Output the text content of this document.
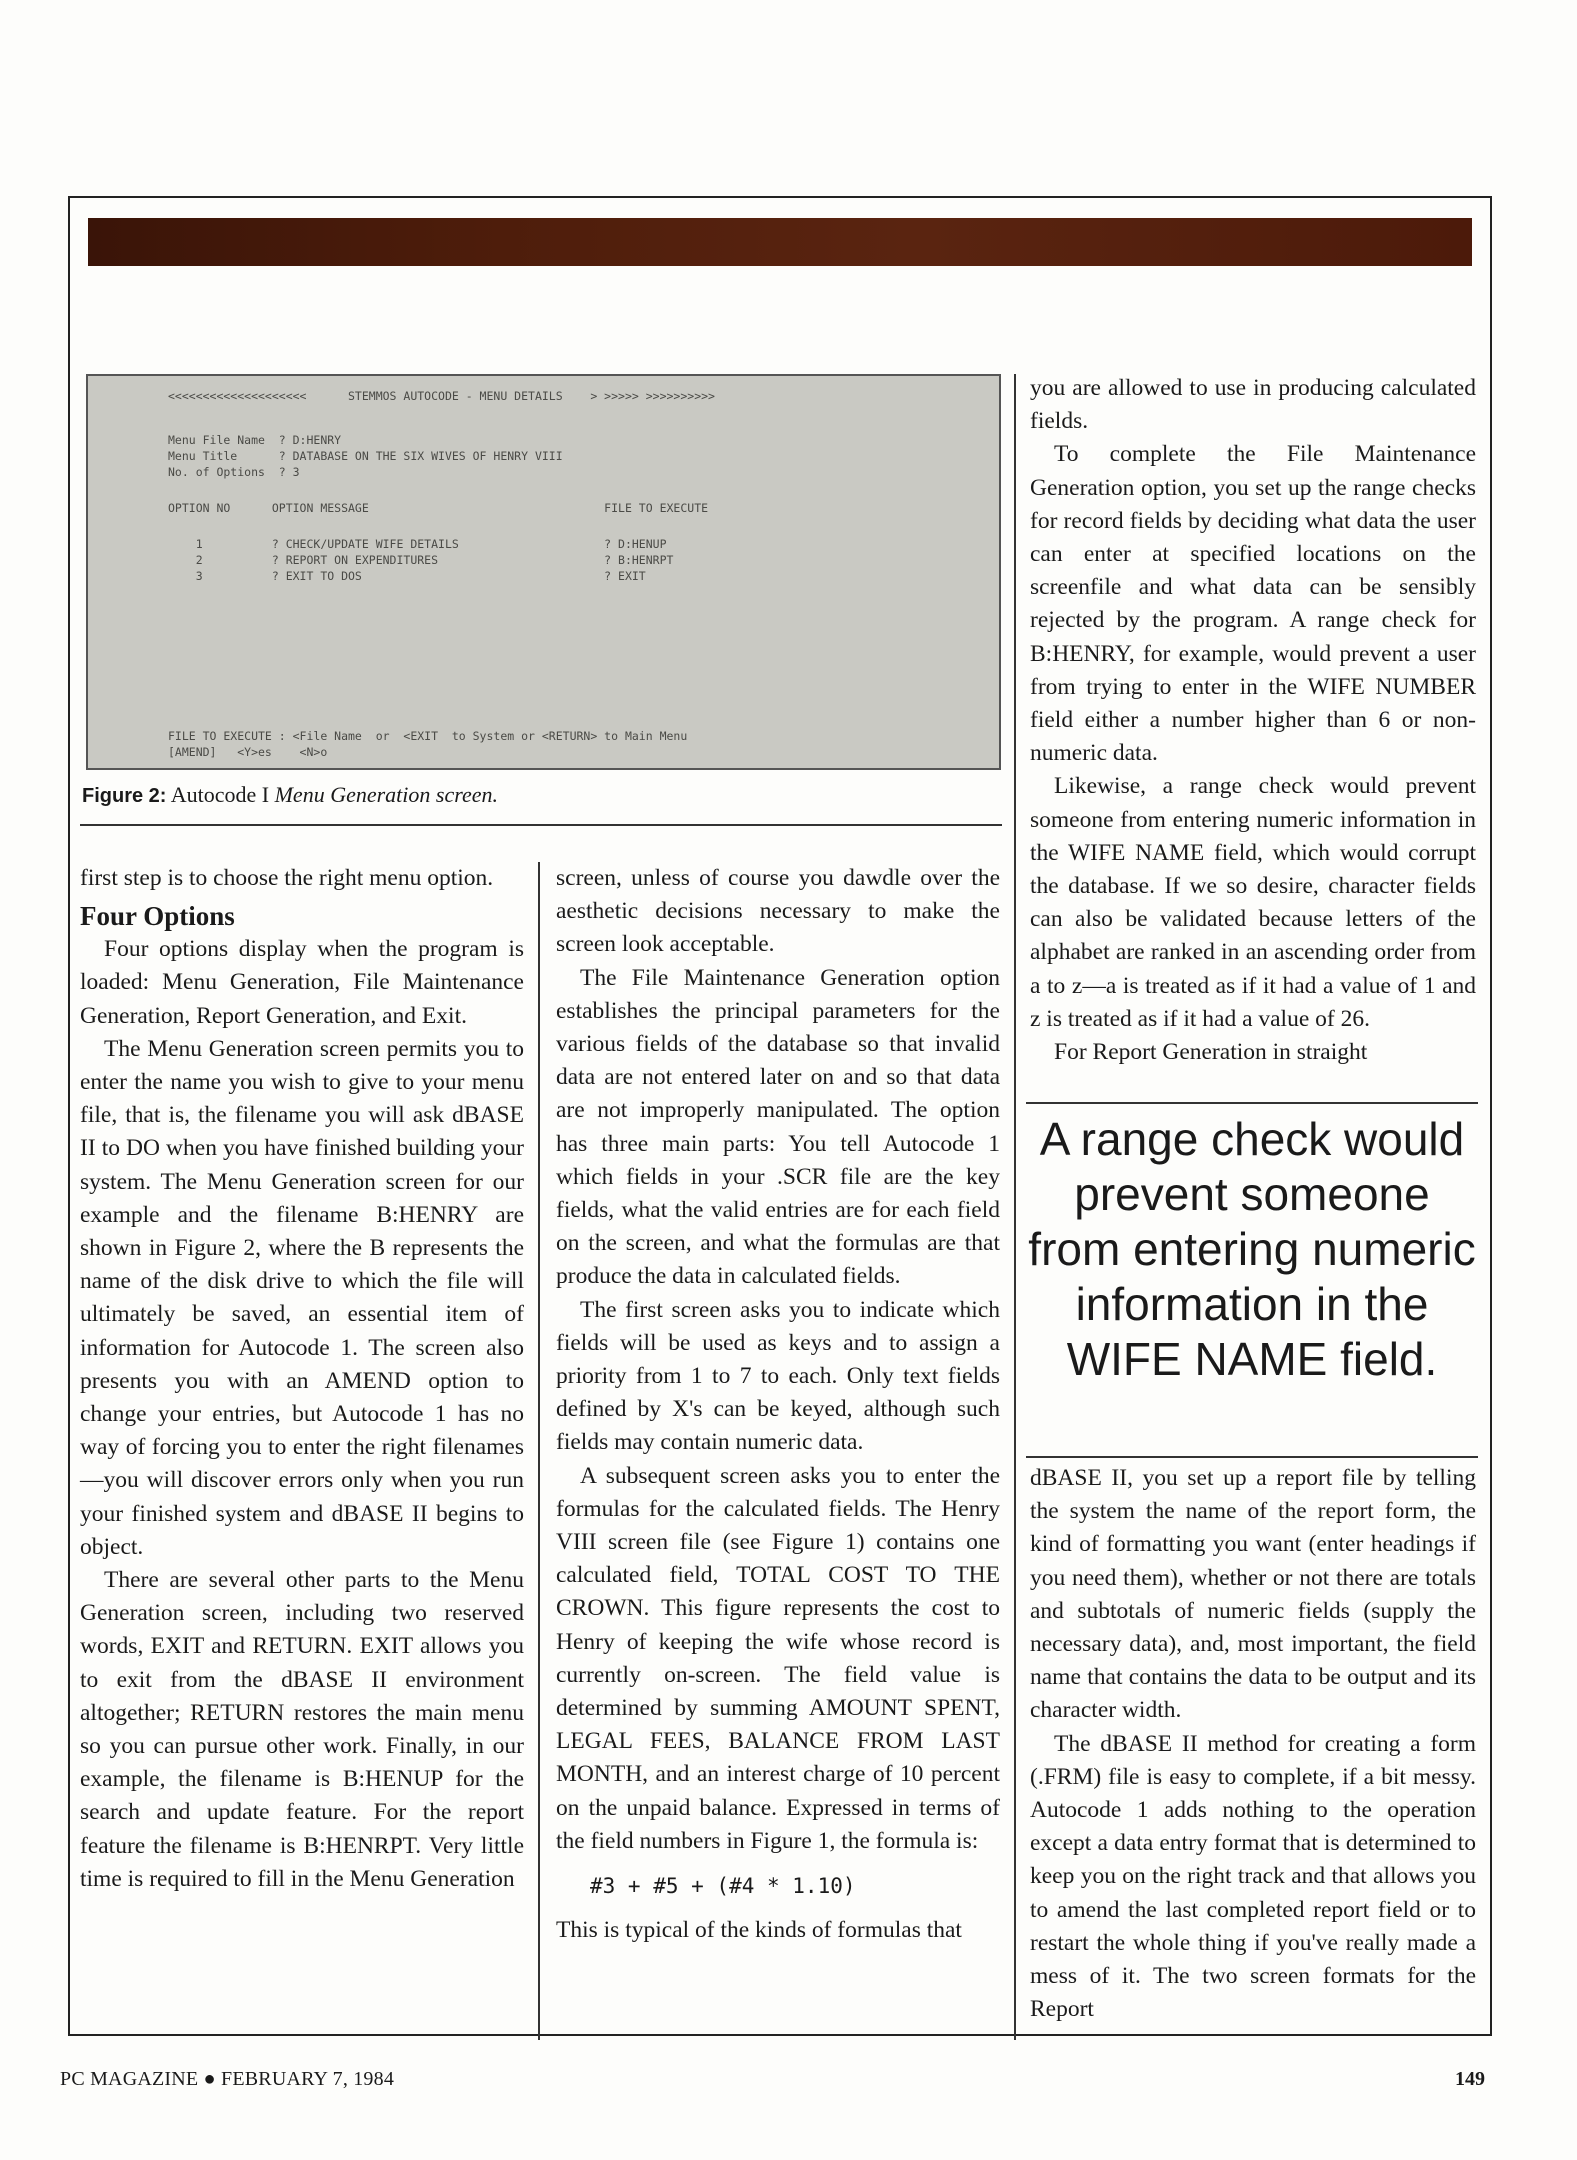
<<<<<<<<<<<<<<<<<<<<      STEMMOS AUTOCODE - MENU DETAILS    > >>>>> >>>>>>>>>>
Menu File Name  ? D:HENRY
Menu Title      ? DATABASE ON THE SIX WIVES OF HENRY VIII
No. of Options  ? 3
OPTION NO      OPTION MESSAGE                                  FILE TO EXECUTE
1          ? CHECK/UPDATE WIFE DETAILS                     ? D:HENUP
2          ? REPORT ON EXPENDITURES                        ? B:HENRPT
3          ? EXIT TO DOS                                   ? EXIT
FILE TO EXECUTE : <File Name  or  <EXIT  to System or <RETURN> to Main Menu
[AMEND]   <Y>es    <N>o
Figure 2: Autocode I Menu Generation screen.

first step is to choose the right menu option.

Four Options

Four options display when the program is loaded: Menu Generation, File Maintenance Generation, Report Generation, and Exit.

The Menu Generation screen permits you to enter the name you wish to give to your menu file, that is, the filename you will ask dBASE II to DO when you have finished building your system. The Menu Generation screen for our example and the filename B:HENRY are shown in Figure 2, where the B represents the name of the disk drive to which the file will ultimately be saved, an essential item of information for Autocode 1. The screen also presents you with an AMEND option to change your entries, but Autocode 1 has no way of forcing you to enter the right filenames—you will discover errors only when you run your finished system and dBASE II begins to object.

There are several other parts to the Menu Generation screen, including two reserved words, EXIT and RETURN. EXIT allows you to exit from the dBASE II environment altogether; RETURN restores the main menu so you can pursue other work. Finally, in our example, the filename is B:HENUP for the search and update feature. For the report feature the filename is B:HENRPT. Very little time is required to fill in the Menu Generation

screen, unless of course you dawdle over the aesthetic decisions necessary to make the screen look acceptable.

The File Maintenance Generation option establishes the principal parameters for the various fields of the database so that invalid data are not entered later on and so that data are not improperly manipulated. The option has three main parts: You tell Autocode 1 which fields in your .SCR file are the key fields, what the valid entries are for each field on the screen, and what the formulas are that produce the data in calculated fields.

The first screen asks you to indicate which fields will be used as keys and to assign a priority from 1 to 7 to each. Only text fields defined by X's can be keyed, although such fields may contain numeric data.

A subsequent screen asks you to enter the formulas for the calculated fields. The Henry VIII screen file (see Figure 1) contains one calculated field, TOTAL COST TO THE CROWN. This figure represents the cost to Henry of keeping the wife whose record is currently on-screen. The field value is determined by summing AMOUNT SPENT, LEGAL FEES, BALANCE FROM LAST MONTH, and an interest charge of 10 percent on the unpaid balance. Expressed in terms of the field numbers in Figure 1, the formula is:

#3 + #5 + (#4 * 1.10)

This is typical of the kinds of formulas that

you are allowed to use in producing calculated fields.

To complete the File Maintenance Generation option, you set up the range checks for record fields by deciding what data the user can enter at specified locations on the screenfile and what data can be sensibly rejected by the program. A range check for B:HENRY, for example, would prevent a user from trying to enter in the WIFE NUMBER field either a number higher than 6 or non-numeric data.

Likewise, a range check would prevent someone from entering numeric information in the WIFE NAME field, which would corrupt the database. If we so desire, character fields can also be validated because letters of the alphabet are ranked in an ascending order from a to z—a is treated as if it had a value of 1 and z is treated as if it had a value of 26.

For Report Generation in straight

A range check would prevent someone from entering numeric information in the WIFE NAME field.

dBASE II, you set up a report file by telling the system the name of the report form, the kind of formatting you want (enter headings if you need them), whether or not there are totals and subtotals of numeric fields (supply the necessary data), and, most important, the field name that contains the data to be output and its character width.

The dBASE II method for creating a form (.FRM) file is easy to complete, if a bit messy. Autocode 1 adds nothing to the operation except a data entry format that is determined to keep you on the right track and that allows you to amend the last completed report field or to restart the whole thing if you've really made a mess of it. The two screen formats for the Report

PC MAGAZINE ● FEBRUARY 7, 1984	149
